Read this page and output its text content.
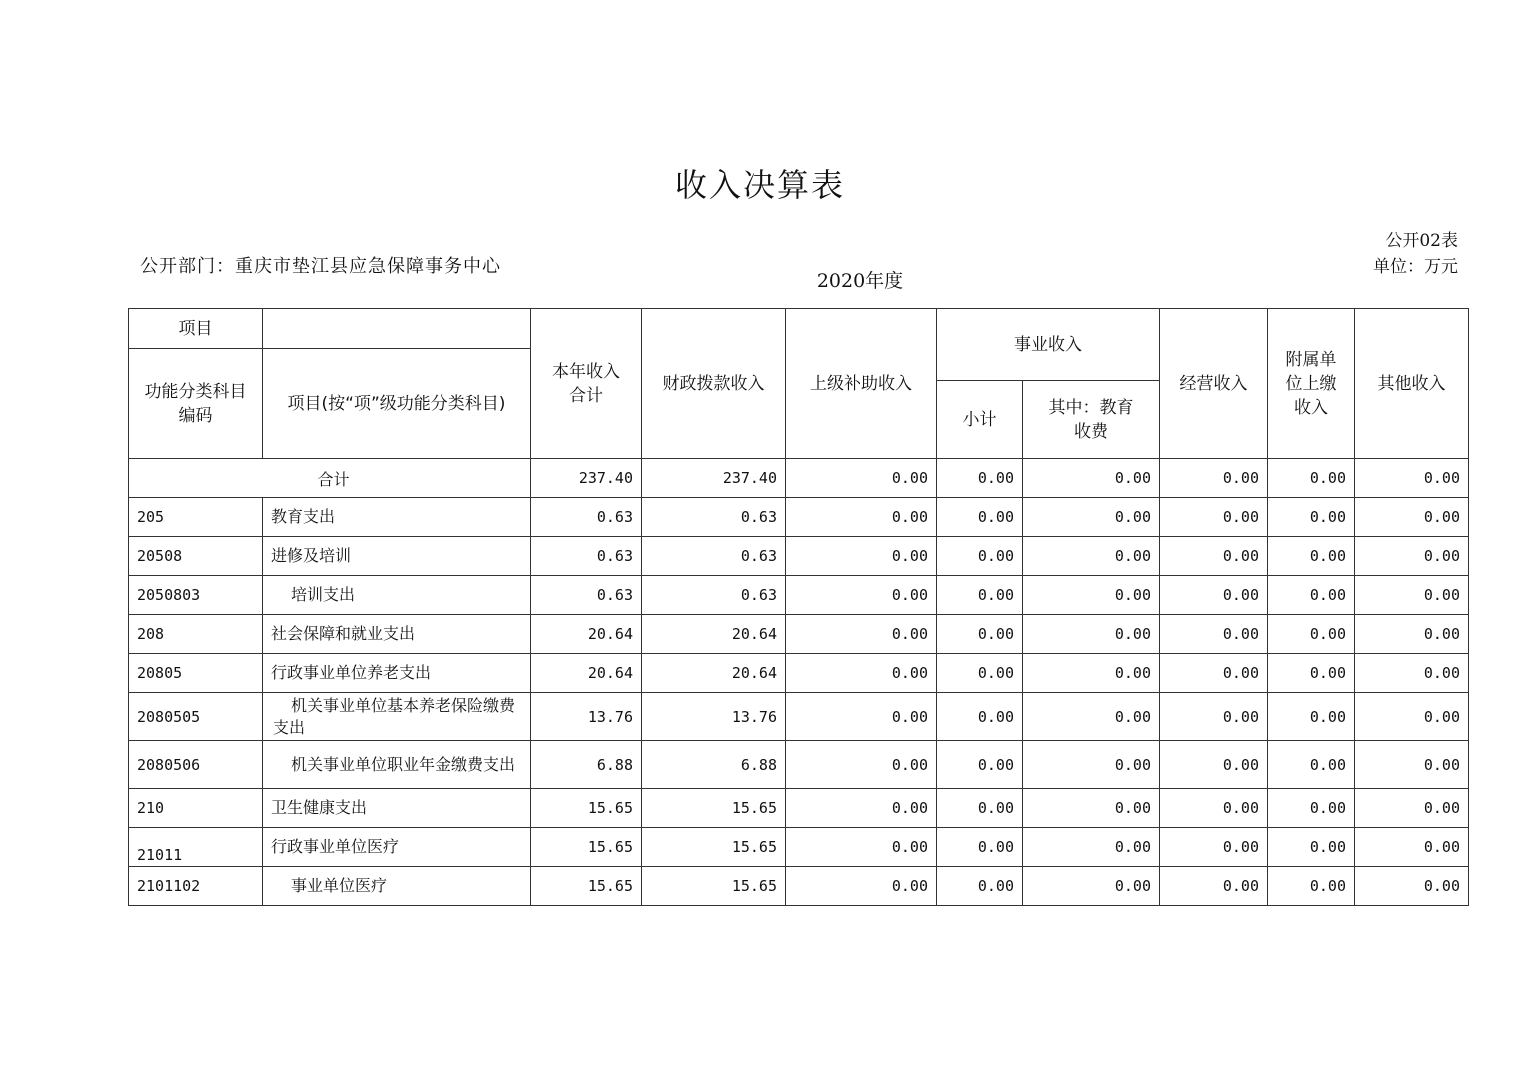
收入决算表
公开部门：重庆市垫江县应急保障事务中心
2020年度
公开02表
单位：万元
项目		本年收入合计	财政拨款收入	上级补助收入	事业收入		经营收入	附属单位上缴收入	其他收入

功能分类科目编码	项目(按“项”级功能分类科目)								

					小计	其中：教育收费			

合计		237.40	237.40	0.00	0.00	0.00	0.00	0.00	0.00
205	教育支出	0.63	0.63	0.00	0.00	0.00	0.00	0.00	0.00
20508	进修及培训	0.63	0.63	0.00	0.00	0.00	0.00	0.00	0.00
2050803	培训支出	0.63	0.63	0.00	0.00	0.00	0.00	0.00	0.00
208	社会保障和就业支出	20.64	20.64	0.00	0.00	0.00	0.00	0.00	0.00
20805	行政事业单位养老支出	20.64	20.64	0.00	0.00	0.00	0.00	0.00	0.00
2080505	机关事业单位基本养老保险缴费支出	13.76	13.76	0.00	0.00	0.00	0.00	0.00	0.00
2080506	机关事业单位职业年金缴费支出	6.88	6.88	0.00	0.00	0.00	0.00	0.00	0.00
210	卫生健康支出	15.65	15.65	0.00	0.00	0.00	0.00	0.00	0.00
21011	行政事业单位医疗	15.65	15.65	0.00	0.00	0.00	0.00	0.00	0.00
2101102	事业单位医疗	15.65	15.65	0.00	0.00	0.00	0.00	0.00	0.00
